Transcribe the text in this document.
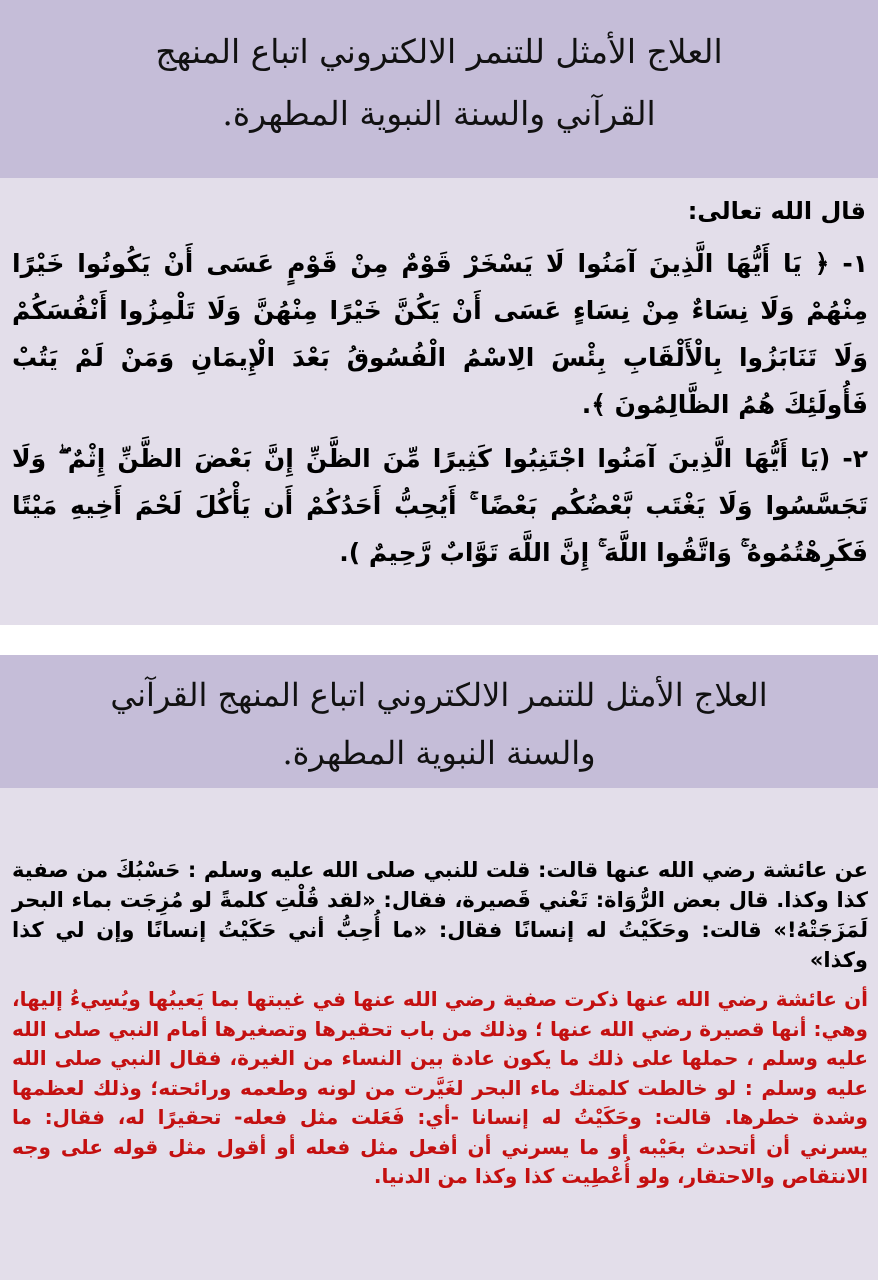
العلاج الأمثل للتنمر الالكتروني اتباع المنهج
القرآني والسنة النبوية المطهرة.
قال الله تعالى:
١- ﴿ يَا أَيُّهَا الَّذِينَ آمَنُوا لَا يَسْخَرْ قَوْمٌ مِنْ قَوْمٍ عَسَى أَنْ يَكُونُوا خَيْرًا مِنْهُمْ وَلَا نِسَاءٌ مِنْ نِسَاءٍ عَسَى أَنْ يَكُنَّ خَيْرًا مِنْهُنَّ وَلَا تَلْمِزُوا أَنْفُسَكُمْ وَلَا تَنَابَزُوا بِالْأَلْقَابِ بِئْسَ الِاسْمُ الْفُسُوقُ بَعْدَ الْإِيمَانِ وَمَنْ لَمْ يَتُبْ فَأُولَئِكَ هُمُ الظَّالِمُونَ ﴾.
٢- (يَا أَيُّهَا الَّذِينَ آمَنُوا اجْتَنِبُوا كَثِيرًا مِّنَ الظَّنِّ إِنَّ بَعْضَ الظَّنِّ إِثْمٌ ۖ وَلَا تَجَسَّسُوا وَلَا يَغْتَب بَّعْضُكُم بَعْضًا ۚ أَيُحِبُّ أَحَدُكُمْ أَن يَأْكُلَ لَحْمَ أَخِيهِ مَيْتًا فَكَرِهْتُمُوهُ ۚ وَاتَّقُوا اللَّهَ ۚ إِنَّ اللَّهَ تَوَّابٌ رَّحِيمٌ ).
العلاج الأمثل للتنمر الالكتروني اتباع المنهج القرآني
والسنة النبوية المطهرة.
عن عائشة رضي الله عنها قالت: قلت للنبي صلى الله عليه وسلم : حَسْبُكَ من صفية كذا وكذا. قال بعض الرُّوَاة: تَعْني قَصيرة، فقال: «لقد قُلْتِ كلمةً لو مُزِجَت بماء البحر لَمَزَجَتْهُ!» قالت: وحَكَيْتُ له إنسانًا فقال: «ما أُحِبُّ أني حَكَيْتُ إنسانًا وإن لي كذا وكذا»
أن عائشة رضي الله عنها ذكرت صفية رضي الله عنها في غيبتها بما يَعيبُها ويُسِيءُ إليها، وهي: أنها قصيرة رضي الله عنها ؛ وذلك من باب تحقيرها وتصغيرها أمام النبي صلى الله عليه وسلم ، حملها على ذلك ما يكون عادة بين النساء من الغيرة، فقال النبي صلى الله عليه وسلم : لو خالطت كلمتك ماء البحر لغَيَّرت من لونه وطعمه ورائحته؛ وذلك لعظمها وشدة خطرها. قالت: وحَكَيْتُ له إنسانا -أي: فَعَلت مثل فعله- تحقيرًا له، فقال: ما يسرني أن أتحدث بعَيْبه أو ما يسرني أن أفعل مثل فعله أو أقول مثل قوله على وجه الانتقاص والاحتقار، ولو أُعْطِيت كذا وكذا من الدنيا.
